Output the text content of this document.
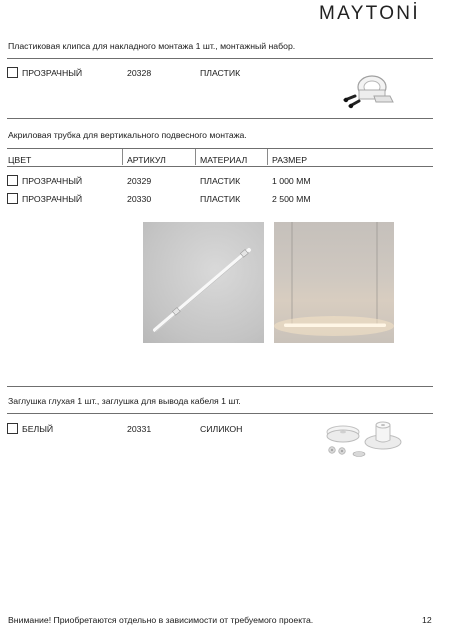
MAYTONİ
Пластиковая клипса для накладного монтажа 1 шт., монтажный набор.
ПРОЗРАЧНЫЙ	20328	ПЛАСТИК
Акриловая трубка для вертикального подвесного монтажа.
ЦВЕТ	АРТИКУЛ	МАТЕРИАЛ	РАЗМЕР
ПРОЗРАЧНЫЙ	20329	ПЛАСТИК	1 000 ММ
ПРОЗРАЧНЫЙ	20330	ПЛАСТИК	2 500 ММ
Заглушка глухая 1 шт., заглушка для вывода кабеля 1 шт.
БЕЛЫЙ	20331	СИЛИКОН
Внимание! Приобретаются отдельно в зависимости от требуемого проекта.	12
